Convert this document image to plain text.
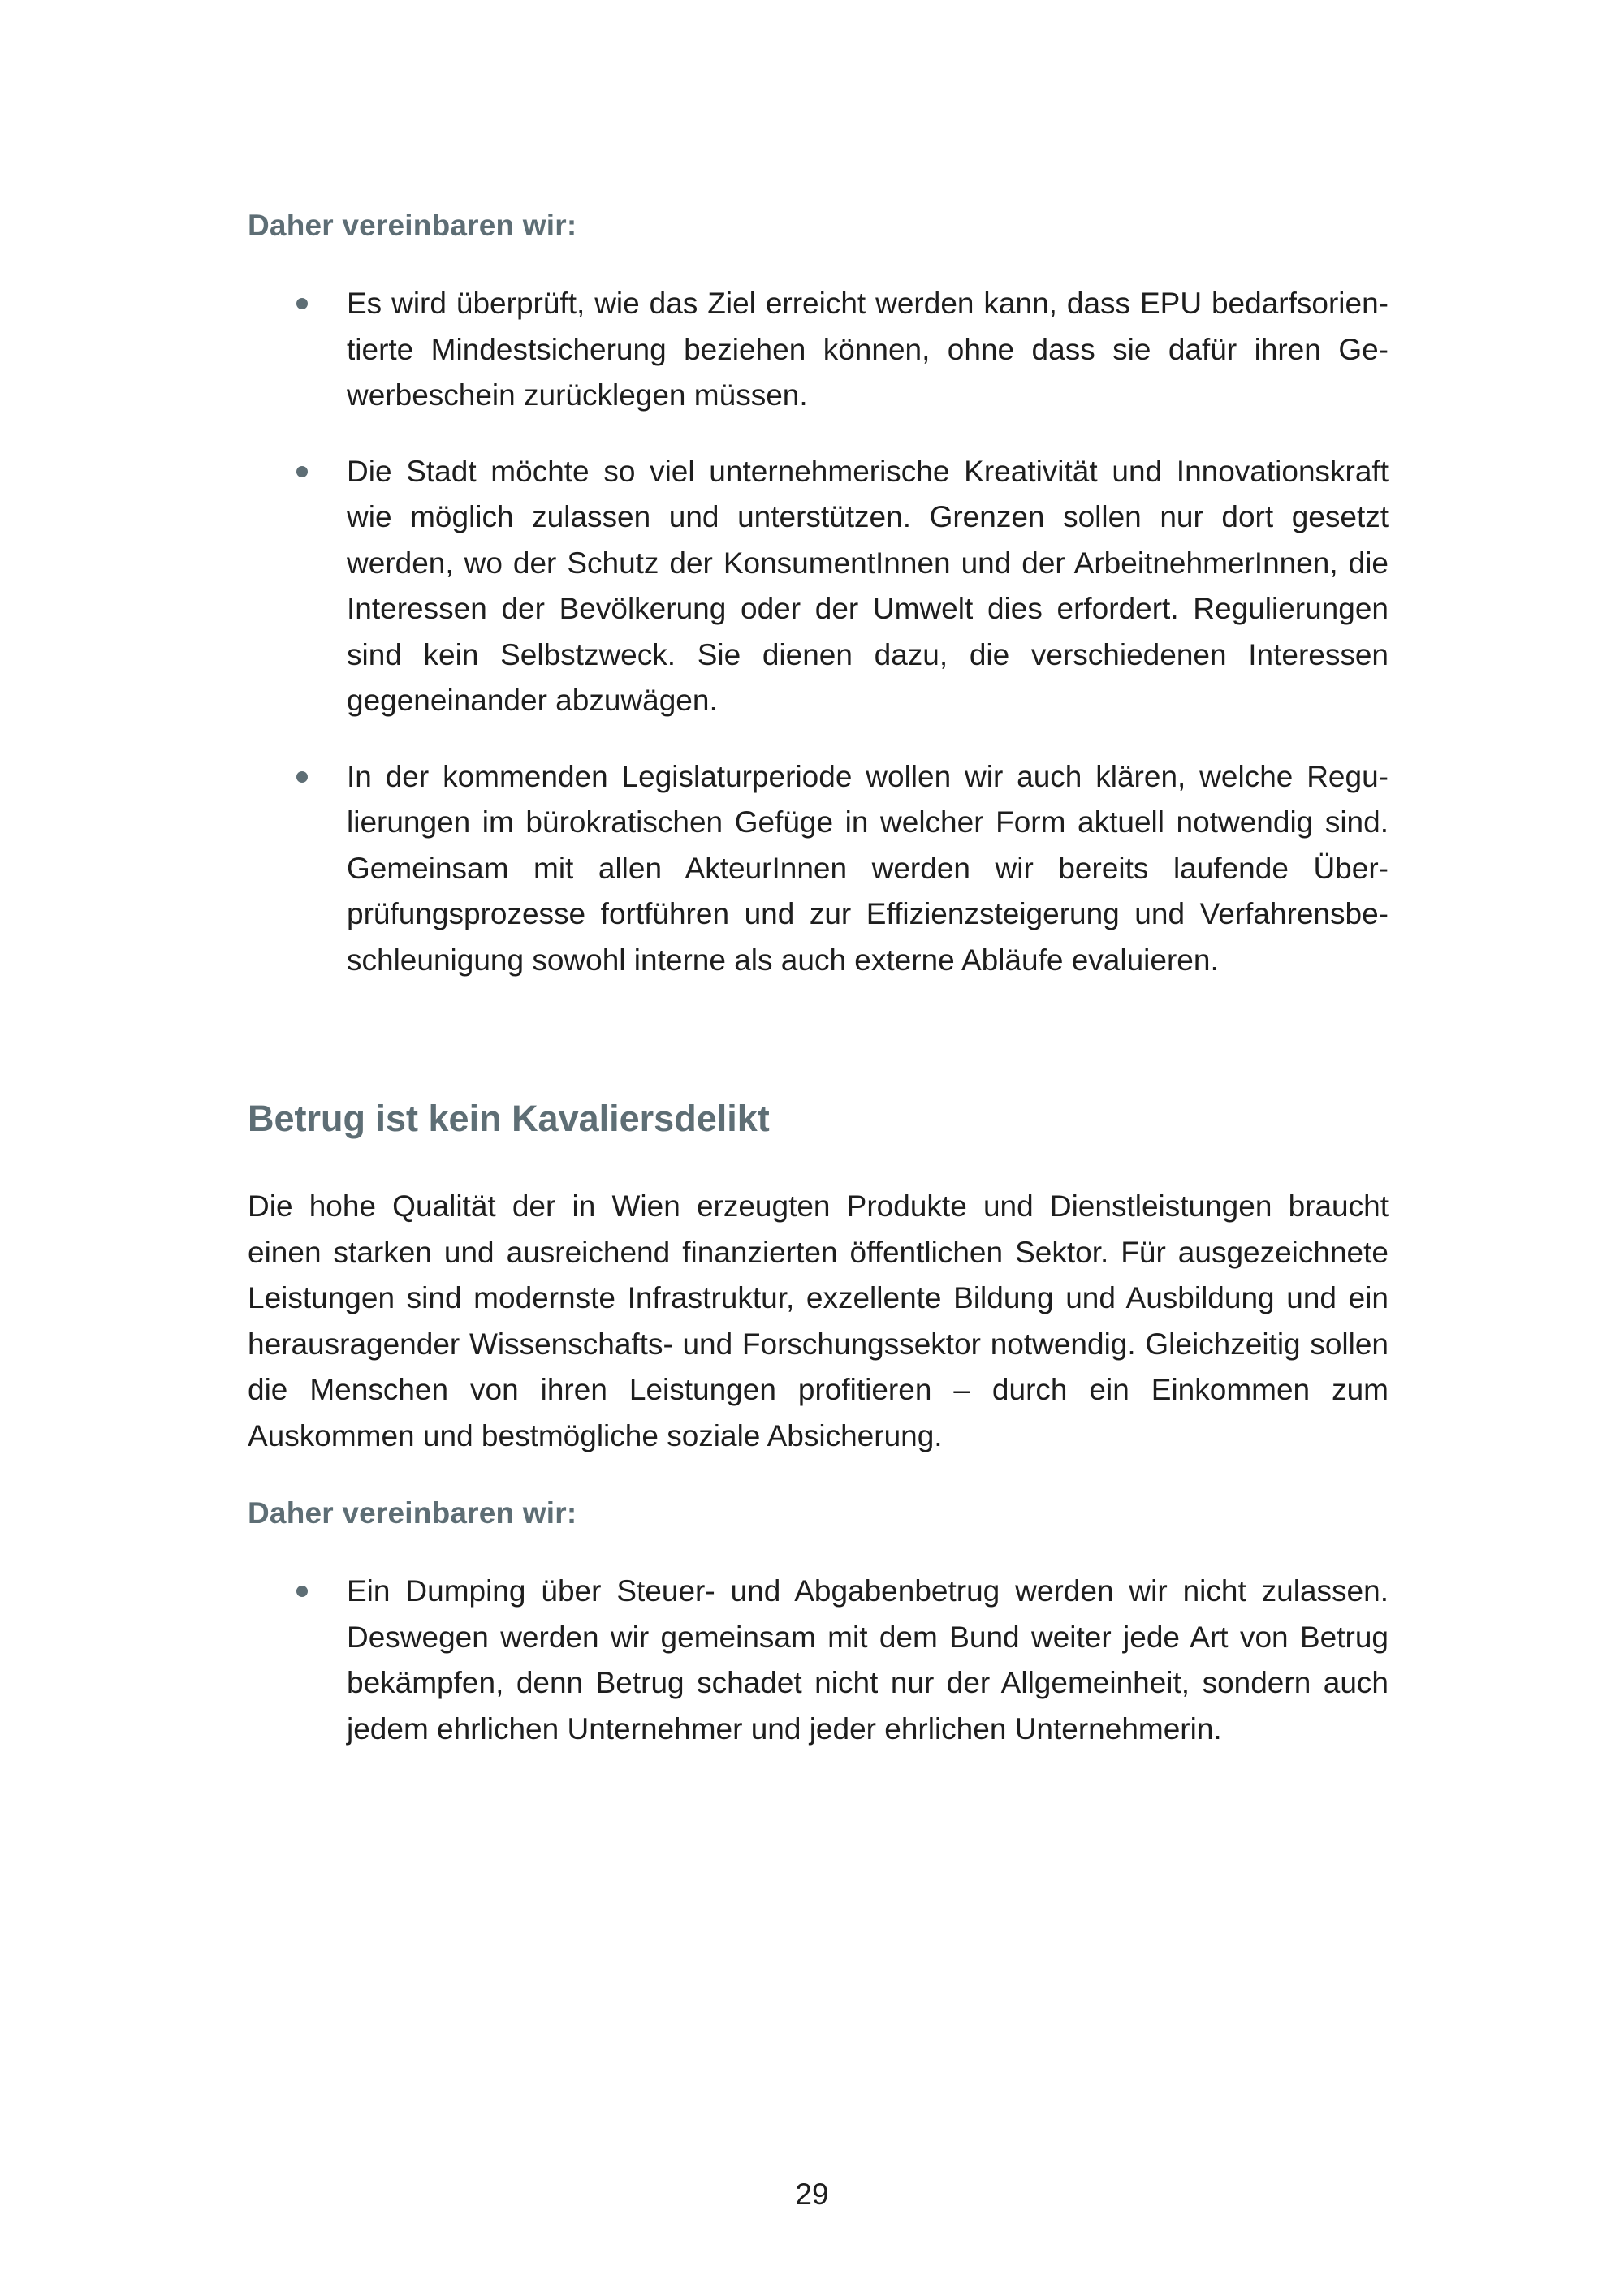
Daher vereinbaren wir:
Es wird überprüft, wie das Ziel erreicht werden kann, dass EPU bedarfsorientierte Mindestsicherung beziehen können, ohne dass sie dafür ihren Gewerbeschein zurücklegen müssen.
Die Stadt möchte so viel unternehmerische Kreativität und Innovationskraft wie möglich zulassen und unterstützen. Grenzen sollen nur dort gesetzt werden, wo der Schutz der KonsumentInnen und der ArbeitnehmerInnen, die Interessen der Bevölkerung oder der Umwelt dies erfordert. Regulierungen sind kein Selbstzweck. Sie dienen dazu, die verschiedenen Interessen gegeneinander abzuwägen.
In der kommenden Legislaturperiode wollen wir auch klären, welche Regulierungen im bürokratischen Gefüge in welcher Form aktuell notwendig sind. Gemeinsam mit allen AkteurInnen werden wir bereits laufende Überprüfungsprozesse fortführen und zur Effizienzsteigerung und Verfahrensbeschleunigung sowohl interne als auch externe Abläufe evaluieren.
Betrug ist kein Kavaliersdelikt

Die hohe Qualität der in Wien erzeugten Produkte und Dienstleistungen braucht einen starken und ausreichend finanzierten öffentlichen Sektor. Für ausgezeichnete Leistungen sind modernste Infrastruktur, exzellente Bildung und Ausbildung und ein herausragender Wissenschafts- und Forschungssektor notwendig. Gleichzeitig sollen die Menschen von ihren Leistungen profitieren – durch ein Einkommen zum Auskommen und bestmögliche soziale Absicherung.

Daher vereinbaren wir:
Ein Dumping über Steuer- und Abgabenbetrug werden wir nicht zulassen. Deswegen werden wir gemeinsam mit dem Bund weiter jede Art von Betrug bekämpfen, denn Betrug schadet nicht nur der Allgemeinheit, sondern auch jedem ehrlichen Unternehmer und jeder ehrlichen Unternehmerin.
29
